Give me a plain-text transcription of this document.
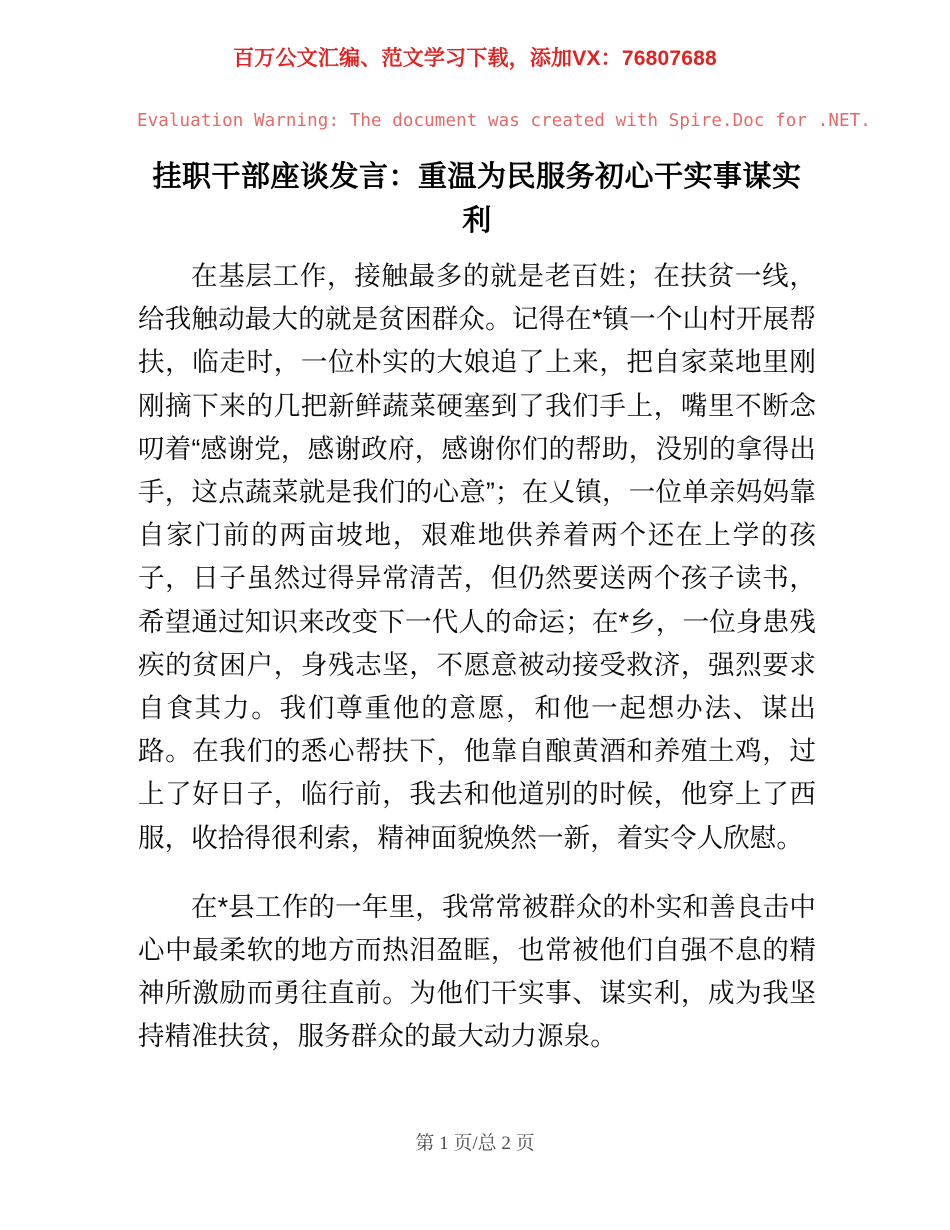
百万公文汇编、范文学习下载，添加VX：76807688
Evaluation Warning: The document was created with Spire.Doc for .NET.
挂职干部座谈发言：重温为民服务初心干实事谋实利

在基层工作，接触最多的就是老百姓；在扶贫一线，给我触动最大的就是贫困群众。记得在*镇一个山村开展帮扶，临走时，一位朴实的大娘追了上来，把自家菜地里刚刚摘下来的几把新鲜蔬菜硬塞到了我们手上，嘴里不断念叨着“感谢党，感谢政府，感谢你们的帮助，没别的拿得出手，这点蔬菜就是我们的心意”；在乂镇，一位单亲妈妈靠自家门前的两亩坡地，艰难地供养着两个还在上学的孩子，日子虽然过得异常清苦，但仍然要送两个孩子读书，希望通过知识来改变下一代人的命运；在*乡，一位身患残疾的贫困户，身残志坚，不愿意被动接受救济，强烈要求自食其力。我们尊重他的意愿，和他一起想办法、谋出路。在我们的悉心帮扶下，他靠自酿黄酒和养殖土鸡，过上了好日子，临行前，我去和他道别的时候，他穿上了西服，收拾得很利索，精神面貌焕然一新，着实令人欣慰。

在*县工作的一年里，我常常被群众的朴实和善良击中心中最柔软的地方而热泪盈眶，也常被他们自强不息的精神所激励而勇往直前。为他们干实事、谋实利，成为我坚持精准扶贫，服务群众的最大动力源泉。

第 1 页/总 2 页
